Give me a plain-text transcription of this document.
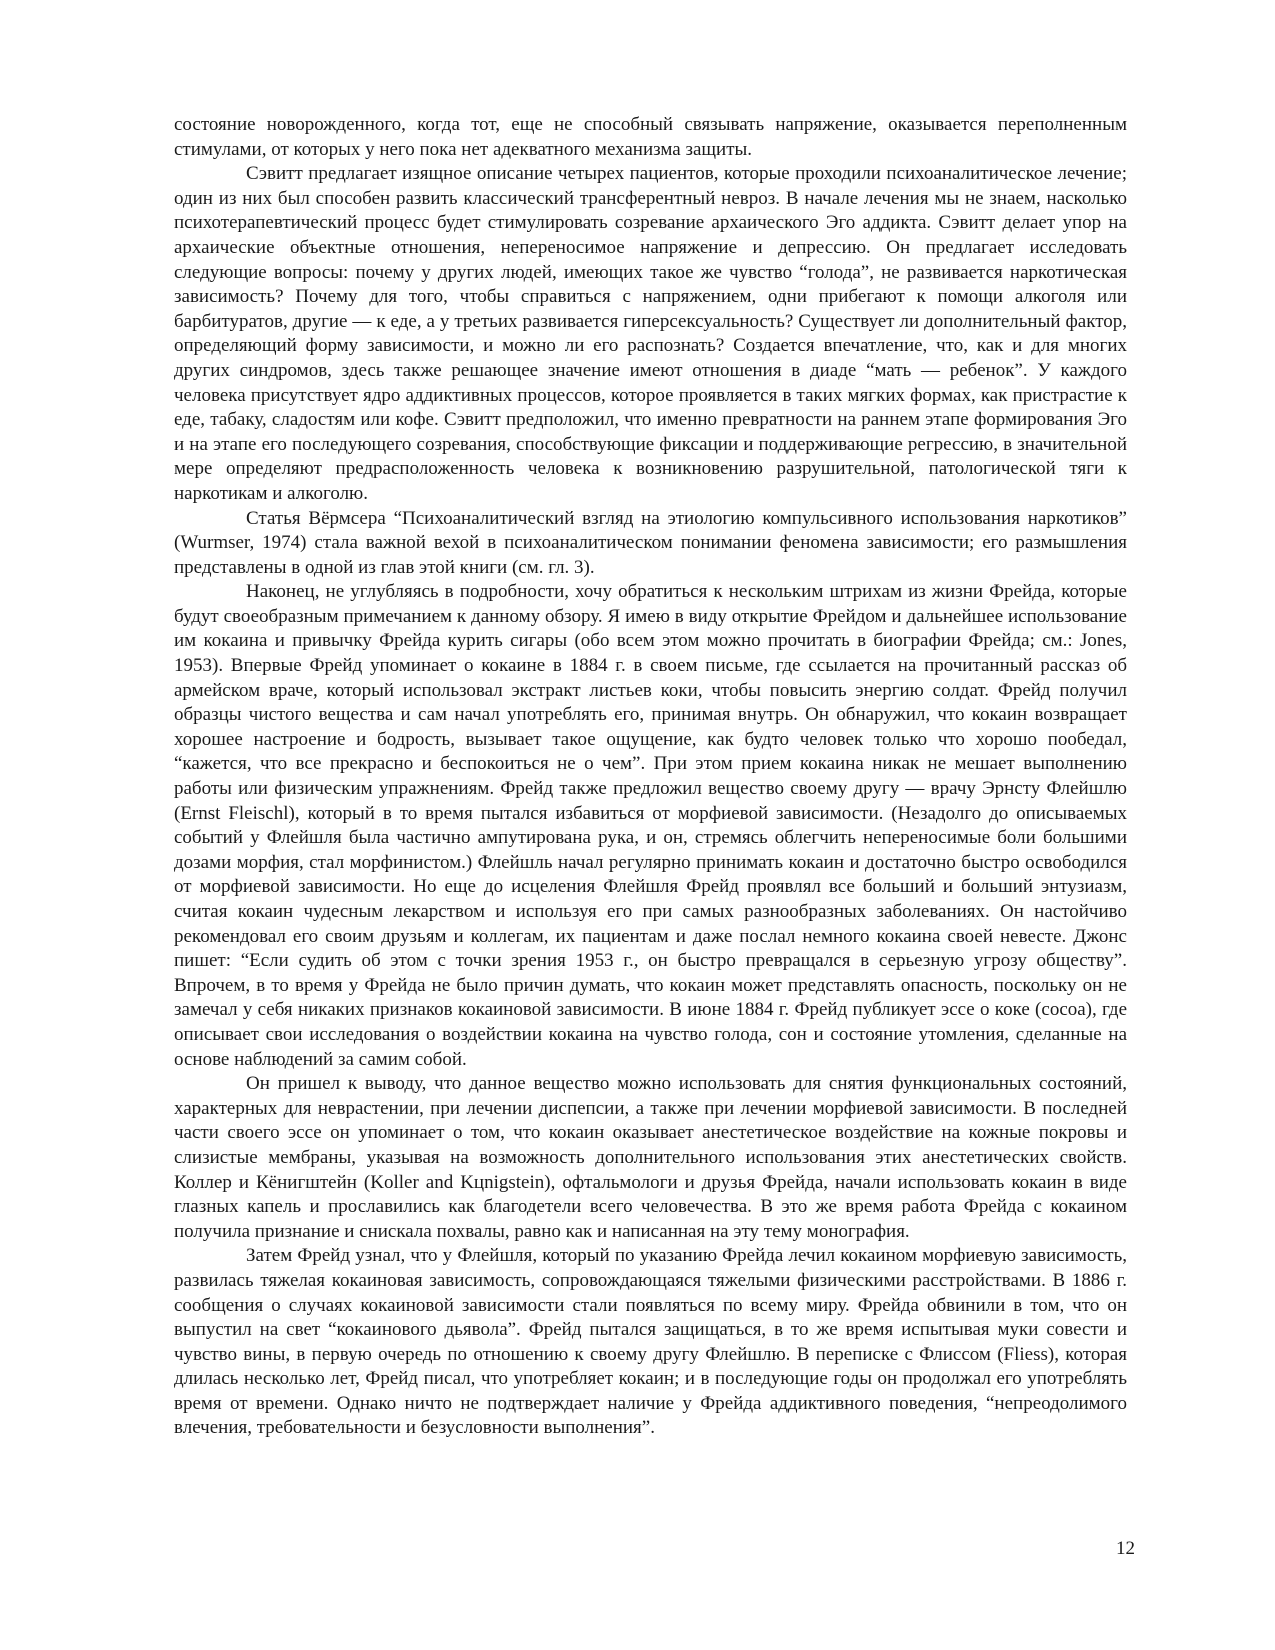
состояние новорожденного, когда тот, еще не способный связывать напряжение, оказывается переполненным стимулами, от которых у него пока нет адекватного механизма защиты.

Сэвитт предлагает изящное описание четырех пациентов, которые проходили психоаналитическое лечение; один из них был способен развить классический трансферентный невроз. В начале лечения мы не знаем, насколько психотерапевтический процесс будет стимулировать созревание архаического Эго аддикта. Сэвитт делает упор на архаические объектные отношения, непереносимое напряжение и депрессию. Он предлагает исследовать следующие вопросы: почему у других людей, имеющих такое же чувство “голода”, не развивается наркотическая зависимость? Почему для того, чтобы справиться с напряжением, одни прибегают к помощи алкоголя или барбитуратов, другие — к еде, а у третьих развивается гиперсексуальность? Существует ли дополнительный фактор, определяющий форму зависимости, и можно ли его распознать? Создается впечатление, что, как и для многих других синдромов, здесь также решающее значение имеют отношения в диаде “мать — ребенок”. У каждого человека присутствует ядро аддиктивных процессов, которое проявляется в таких мягких формах, как пристрастие к еде, табаку, сладостям или кофе. Сэвитт предположил, что именно превратности на раннем этапе формирования Эго и на этапе его последующего созревания, способствующие фиксации и поддерживающие регрессию, в значительной мере определяют предрасположенность человека к возникновению разрушительной, патологической тяги к наркотикам и алкоголю.

Статья Вёрмсера “Психоаналитический взгляд на этиологию компульсивного использования наркотиков” (Wurmser, 1974) стала важной вехой в психоаналитическом понимании феномена зависимости; его размышления представлены в одной из глав этой книги (см. гл. 3).

Наконец, не углубляясь в подробности, хочу обратиться к нескольким штрихам из жизни Фрейда, которые будут своеобразным примечанием к данному обзору. Я имею в виду открытие Фрейдом и дальнейшее использование им кокаина и привычку Фрейда курить сигары (обо всем этом можно прочитать в биографии Фрейда; см.: Jones, 1953). Впервые Фрейд упоминает о кокаине в 1884 г. в своем письме, где ссылается на прочитанный рассказ об армейском враче, который использовал экстракт листьев коки, чтобы повысить энергию солдат. Фрейд получил образцы чистого вещества и сам начал употреблять его, принимая внутрь. Он обнаружил, что кокаин возвращает хорошее настроение и бодрость, вызывает такое ощущение, как будто человек только что хорошо пообедал, “кажется, что все прекрасно и беспокоиться не о чем”. При этом прием кокаина никак не мешает выполнению работы или физическим упражнениям. Фрейд также предложил вещество своему другу — врачу Эрнсту Флейшлю (Ernst Fleischl), который в то время пытался избавиться от морфиевой зависимости. (Незадолго до описываемых событий у Флейшля была частично ампутирована рука, и он, стремясь облегчить непереносимые боли большими дозами морфия, стал морфинистом.) Флейшль начал регулярно принимать кокаин и достаточно быстро освободился от морфиевой зависимости. Но еще до исцеления Флейшля Фрейд проявлял все больший и больший энтузиазм, считая кокаин чудесным лекарством и используя его при самых разнообразных заболеваниях. Он настойчиво рекомендовал его своим друзьям и коллегам, их пациентам и даже послал немного кокаина своей невесте. Джонс пишет: “Если судить об этом с точки зрения 1953 г., он быстро превращался в серьезную угрозу обществу”. Впрочем, в то время у Фрейда не было причин думать, что кокаин может представлять опасность, поскольку он не замечал у себя никаких признаков кокаиновой зависимости. В июне 1884 г. Фрейд публикует эссе о коке (cocoa), где описывает свои исследования о воздействии кокаина на чувство голода, сон и состояние утомления, сделанные на основе наблюдений за самим собой.

Он пришел к выводу, что данное вещество можно использовать для снятия функциональных состояний, характерных для неврастении, при лечении диспепсии, а также при лечении морфиевой зависимости. В последней части своего эссе он упоминает о том, что кокаин оказывает анестетическое воздействие на кожные покровы и слизистые мембраны, указывая на возможность дополнительного использования этих анестетических свойств. Коллер и Кёнигштейн (Koller and Kцnigstein), офтальмологи и друзья Фрейда, начали использовать кокаин в виде глазных капель и прославились как благодетели всего человечества. В это же время работа Фрейда с кокаином получила признание и снискала похвалы, равно как и написанная на эту тему монография.

Затем Фрейд узнал, что у Флейшля, который по указанию Фрейда лечил кокаином морфиевую зависимость, развилась тяжелая кокаиновая зависимость, сопровождающаяся тяжелыми физическими расстройствами. В 1886 г. сообщения о случаях кокаиновой зависимости стали появляться по всему миру. Фрейда обвинили в том, что он выпустил на свет “кокаинового дьявола”. Фрейд пытался защищаться, в то же время испытывая муки совести и чувство вины, в первую очередь по отношению к своему другу Флейшлю. В переписке с Флиссом (Fliess), которая длилась несколько лет, Фрейд писал, что употребляет кокаин; и в последующие годы он продолжал его употреблять время от времени. Однако ничто не подтверждает наличие у Фрейда аддиктивного поведения, “непреодолимого влечения, требовательности и безусловности выполнения”.

12
